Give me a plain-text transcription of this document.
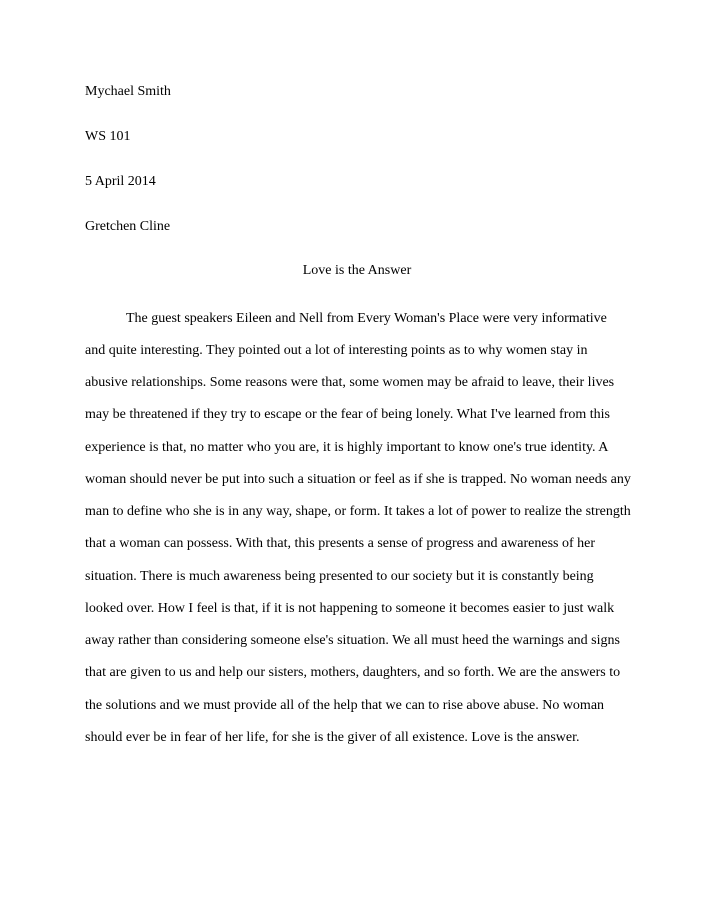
Mychael Smith
WS 101
5 April 2014
Gretchen Cline
Love is the Answer
The guest speakers Eileen and Nell from Every Woman's Place were very informative
and quite interesting. They pointed out a lot of interesting points as to why women stay in
abusive relationships. Some reasons were that, some women may be afraid to leave, their lives
may be threatened if they try to escape or the fear of being lonely. What I've learned from this
experience is that, no matter who you are, it is highly important to know one's true identity. A
woman should never be put into such a situation or feel as if she is trapped. No woman needs any
man to define who she is in any way, shape, or form. It takes a lot of power to realize the strength
that a woman can possess. With that, this presents a sense of progress and awareness of her
situation. There is much awareness being presented to our society but it is constantly being
looked over. How I feel is that, if it is not happening to someone it becomes easier to just walk
away rather than considering someone else's situation. We all must heed the warnings and signs
that are given to us and help our sisters, mothers, daughters, and so forth. We are the answers to
the solutions and we must provide all of the help that we can to rise above abuse. No woman
should ever be in fear of her life, for she is the giver of all existence. Love is the answer.
